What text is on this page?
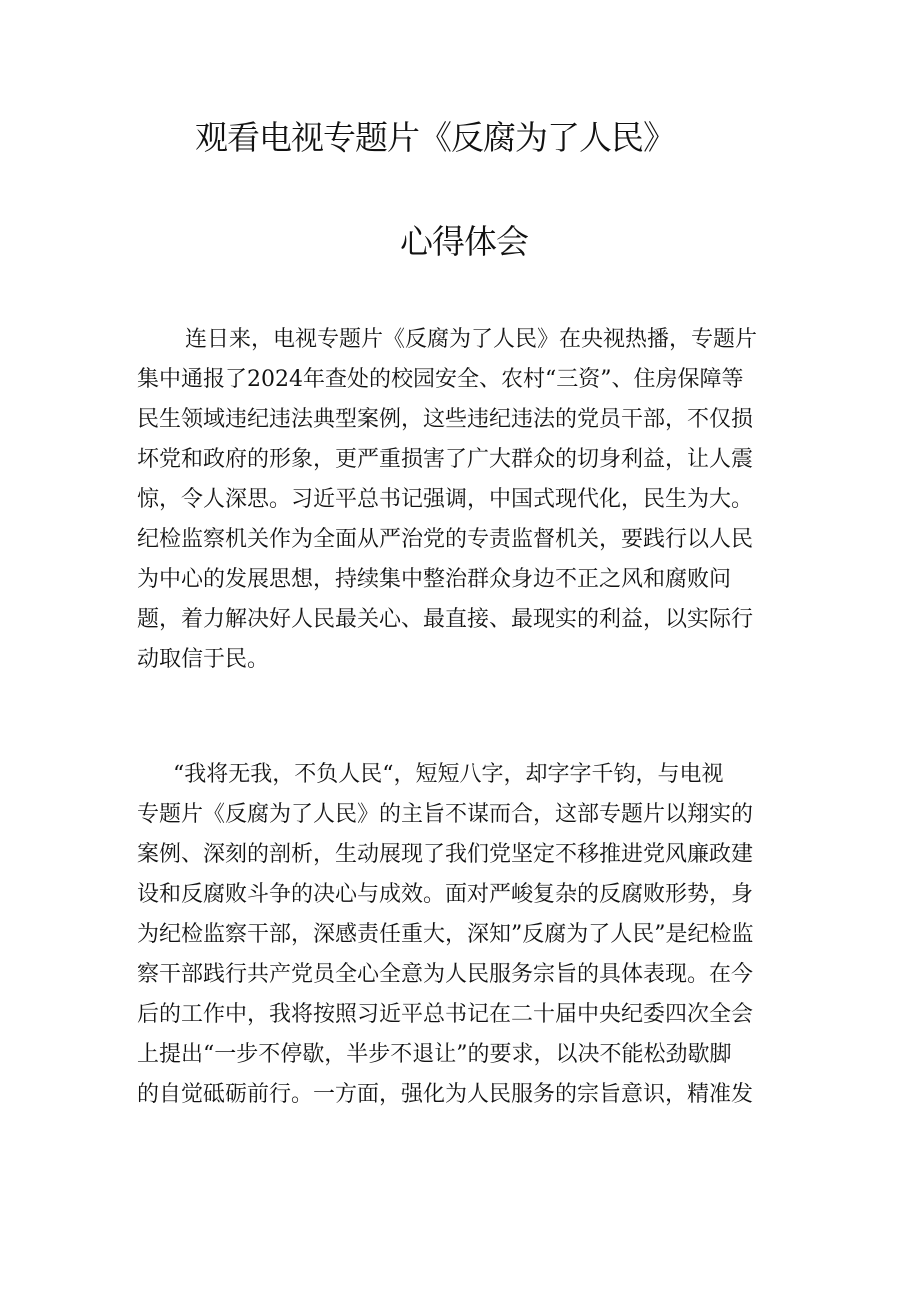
观看电视专题片《反腐为了人民》
心得体会
连日来，电视专题片《反腐为了人民》在央视热播，专题片
集中通报了2024年查处的校园安全、农村“三资”、住房保障等
民生领域违纪违法典型案例，这些违纪违法的党员干部，不仅损
坏党和政府的形象，更严重损害了广大群众的切身利益，让人震
惊，令人深思。习近平总书记强调，中国式现代化，民生为大。
纪检监察机关作为全面从严治党的专责监督机关，要践行以人民
为中心的发展思想，持续集中整治群众身边不正之风和腐败问
题，着力解决好人民最关心、最直接、最现实的利益，以实际行
动取信于民。
“我将无我，不负人民“，短短八字，却字字千钧，与电视
专题片《反腐为了人民》的主旨不谋而合，这部专题片以翔实的
案例、深刻的剖析，生动展现了我们党坚定不移推进党风廉政建
设和反腐败斗争的决心与成效。面对严峻复杂的反腐败形势，身
为纪检监察干部，深感责任重大，深知”反腐为了人民”是纪检监
察干部践行共产党员全心全意为人民服务宗旨的具体表现。在今
后的工作中，我将按照习近平总书记在二十届中央纪委四次全会
上提出“一步不停歇，半步不退让”的要求，以决不能松劲歇脚
的自觉砥砺前行。一方面，强化为人民服务的宗旨意识，精准发
